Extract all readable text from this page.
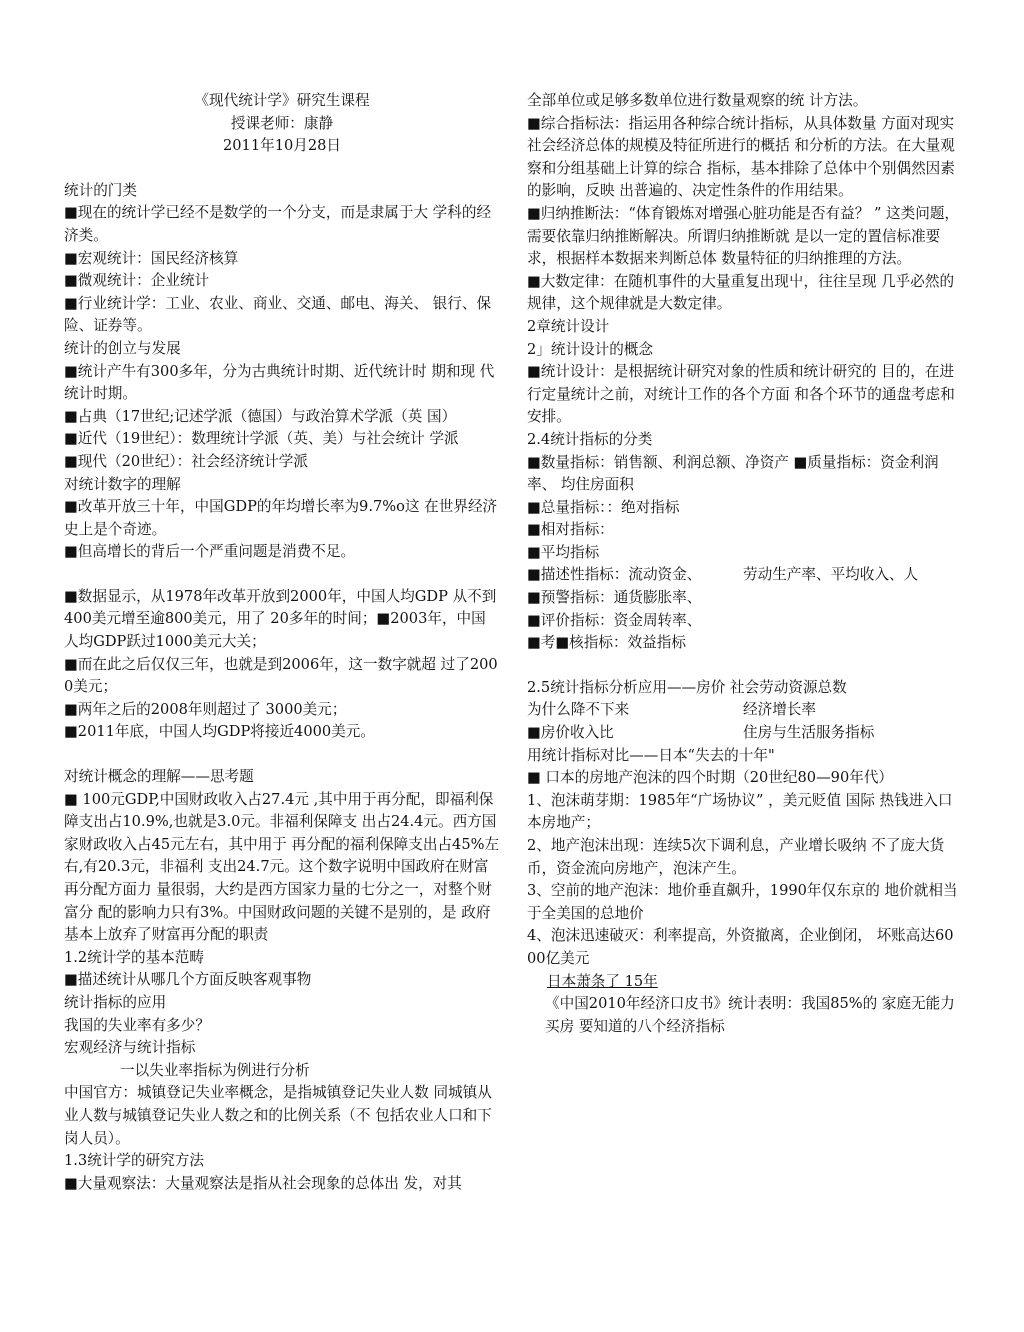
《现代统计学》研究生课程
授课老师：康静
2011年10月28日
统计的门类
■现在的统计学已经不是数学的一个分支，而是隶属于大 学科的经济类。
■宏观统计：国民经济核算
■微观统计：企业统计
■行业统计学：工业、农业、商业、交通、邮电、海关、 银行、保险、证券等。
统计的创立与发展
■统计产牛有300多年，分为古典统计时期、近代统计时 期和现 代统计时期。
■占典（17世纪;记述学派（德国）与政治算术学派（英 国）
■近代（19世纪）：数理统计学派（英、美）与社会统计 学派
■现代（20世纪）：社会经济统计学派
对统计数字的理解
■改革开放三十年，中国GDP的年均增长率为9.7%o这 在世界经济史上是个奇迹。
■但高增长的背后一个严重问题是消费不足。
■数据显示，从1978年改革开放到2000年，中国人均GDP 从不到400美元增至逾800美元，用了 20多年的时间；■2003年，中国人均GDP跃过1000美元大关；
■而在此之后仅仅三年，也就是到2006年，这一数字就超 过了2000美元；
■两年之后的2008年则超过了 3000美元；
■2011年底，中国人均GDP将接近4000美元。
对统计概念的理解——思考题
■ 100元GDP,中国财政收入占27.4元 ,其中用于再分配，即福利保障支出占10.9%,也就是3.0元。非福利保障支 出占24.4元。西方国家财政收入占45元左右，其中用于 再分配的福利保障支出占45%左右,有20.3元，非福利 支出24.7元。这个数字说明中国政府在财富再分配方面力 量很弱，大约是西方国家力量的七分之一，对整个财富分 配的影响力只有3%。中国财政问题的关键不是别的，是 政府基本上放弃了财富再分配的职责
1.2统计学的基本范畴
■描述统计从哪几个方面反映客观事物
统计指标的应用
我国的失业率有多少？
宏观经济与统计指标
一以失业率指标为例进行分析
中国官方：城镇登记失业率概念，是指城镇登记失业人数 同城镇从业人数与城镇登记失业人数之和的比例关系（不 包括农业人口和下岗人员）。
1.3统计学的研究方法
■大量观察法：大量观察法是指从社会现象的总体出 发，对其
全部单位或足够多数单位进行数量观察的统 计方法。
■综合指标法：指运用各种综合统计指标，从具体数量 方面对现实社会经济总体的规模及特征所进行的概括 和分析的方法。在大量观察和分组基础上计算的综合 指标，基本排除了总体中个别偶然因素的影响，反映 出普遍的、决定性条件的作用结果。
■归纳推断法：“体育锻炼对增强心脏功能是否有益？ ” 这类问题，需要依靠归纳推断解决。所谓归纳推断就 是以一定的置信标准要求，根据样本数据来判断总体 数量特征的归纳推理的方法。
■大数定律：在随机事件的大量重复出现屮，往往呈现 几乎必然的规律，这个规律就是大数定律。
2章统计设计
2」统计设计的概念
■统计设计：是根据统计研究对象的性质和统计研究的 目的，在进行定量统计之前，对统计工作的各个方面 和各个环节的通盘考虑和安排。
2.4统计指标的分类
■数量指标：销售额、利润总额、净资产 ■质量指标：资金利润率、 均住房面积
■总量指标：：绝对指标
■相对指标：
■平均指标
■描述性指标：流动资金、	劳动生产率、平均收入、人
■预警指标：通货膨胀率、
■评价指标：资金周转率、
■考■核指标：效益指标
2.5统计指标分析应用——房价 社会劳动资源总数
为什么降不下来	经济增长率
■房价收入比	住房与生活服务指标
用统计指标对比——日本“失去的十年"
■ 口本的房地产泡沫的四个时期（20世纪80—90年代）
1、泡沫萌芽期：1985年“广场协议” ，美元贬值 国际 热钱进入口本房地产；
2、地产泡沫出现：连续5次下调利息，产业增长吸纳 不了庞大货币，资金流向房地产，泡沫产生。
3、空前的地产泡沫：地价垂直飙升，1990年仅东京的 地价就相当于全美国的总地价
4、泡沫迅速破灭：利率提高，外资撤离，企业倒闭， 坏账高达6000亿美元
日本萧条了 15年
《中国2010年经济口皮书》统计表明：我国85%的 家庭无能力买房 要知道的八个经济指标
